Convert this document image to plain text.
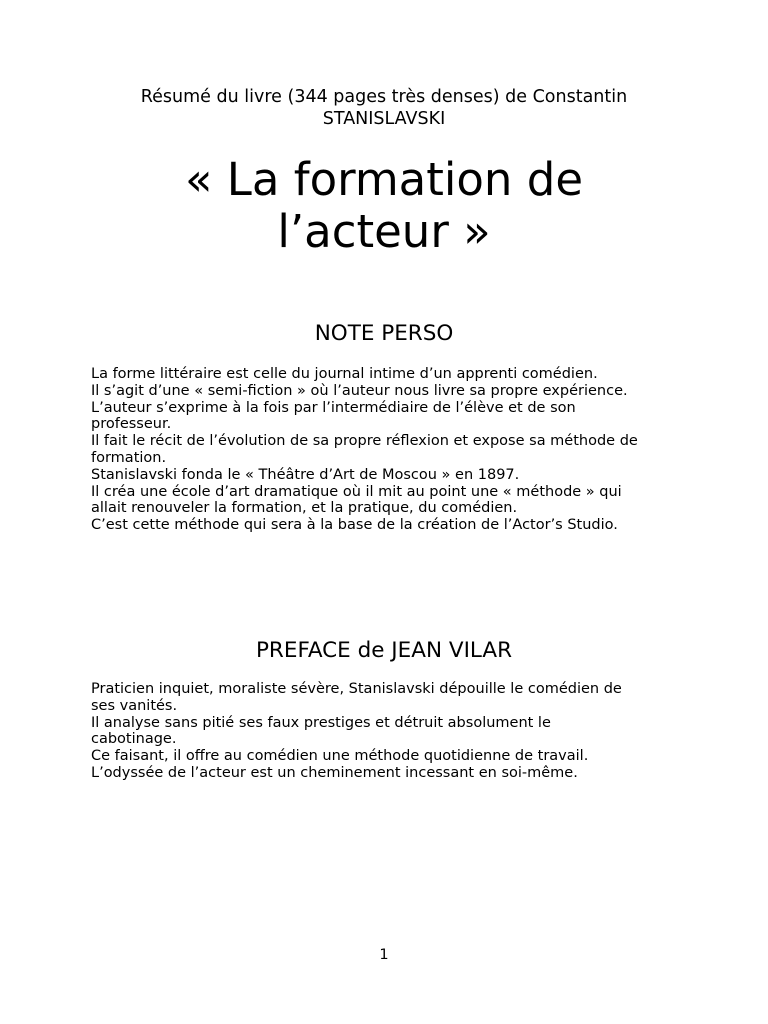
Résumé du livre (344 pages très denses) de Constantin
STANISLAVSKI
« La formation de
l’acteur »
NOTE PERSO
La forme littéraire est celle du journal intime d’un apprenti comédien.
Il s’agit d’une « semi-fiction » où l’auteur nous livre sa propre expérience.
L’auteur s’exprime à la fois par l’intermédiaire de l’élève et de son
professeur.
Il fait le récit de l’évolution de sa propre réflexion et expose sa méthode de
formation.
Stanislavski fonda le « Théâtre d’Art de Moscou » en 1897.
Il créa une école d’art dramatique où il mit au point une « méthode » qui
allait renouveler la formation, et la pratique, du comédien.
C’est cette méthode qui sera à la base de la création de l’Actor’s Studio.
PREFACE de JEAN VILAR
Praticien inquiet, moraliste sévère, Stanislavski dépouille le comédien de
ses vanités.
Il analyse sans pitié ses faux prestiges et détruit absolument le
cabotinage.
Ce faisant, il offre au comédien une méthode quotidienne de travail.
L’odyssée de l’acteur est un cheminement incessant en soi-même.
1
